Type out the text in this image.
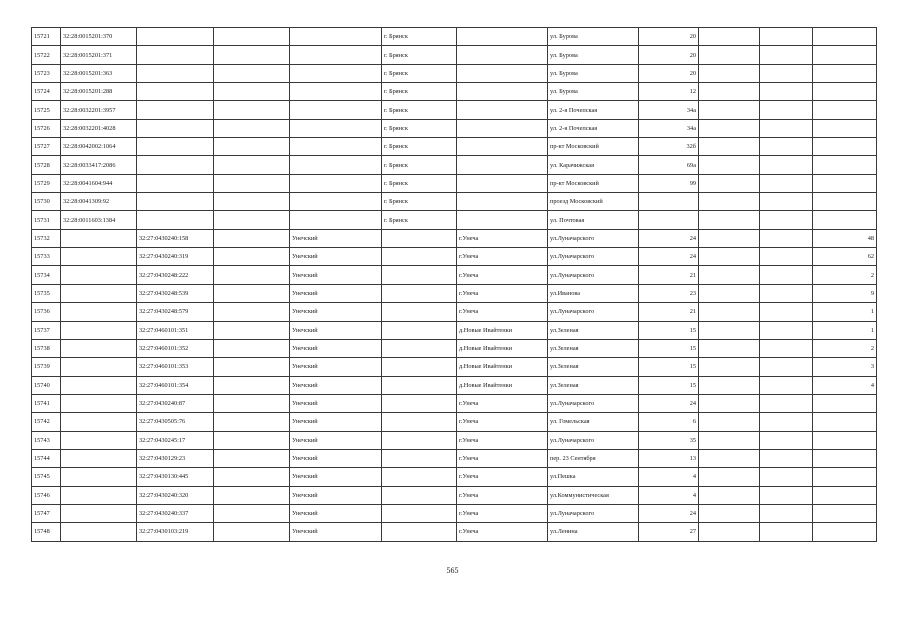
15721	32:28:0015201:370				г. Брянск		ул. Бурова	20			
15722	32:28:0015201:371				г. Брянск		ул. Бурова	20			
15723	32:28:0015201:363				г. Брянск		ул. Бурова	20			
15724	32:28:0015201:288				г. Брянск		ул. Бурова	12			
15725	32:28:0032201:3957				г. Брянск		ул. 2-я Почепская	34а			
15726	32:28:0032201:4028				г. Брянск		ул. 2-я Почепская	34а			
15727	32:28:0042002:1064				г. Брянск		пр-кт Московский	32б			
15728	32:28:0033417:2086				г. Брянск		ул. Карачижская	69а			
15729	32:28:0041604:944				г. Брянск		пр-кт Московский	99			
15730	32:28:0041309:92				г. Брянск		проезд Московский				
15731	32:28:0011603:1384				г. Брянск		ул. Почтовая				
15732		32:27:0430240:158		Унечский		г.Унеча	ул.Луначарского	24			48
15733		32:27:0430240:319		Унечский		г.Унеча	ул.Луначарского	24			62
15734		32:27:0430248:222		Унечский		г.Унеча	ул.Луначарского	21			2
15735		32:27:0430248:539		Унечский		г.Унеча	ул.Иванова	23			9
15736		32:27:0430248:579		Унечский		г.Унеча	ул.Луначарского	21			1
15737		32:27:0460101:351		Унечский		д.Новые Ивайтенки	ул.Зеленая	15			1
15738		32:27:0460101:352		Унечский		д.Новые Ивайтенки	ул.Зеленая	15			2
15739		32:27:0460101:353		Унечский		д.Новые Ивайтенки	ул.Зеленая	15			3
15740		32:27:0460101:354		Унечский		д.Новые Ивайтенки	ул.Зеленая	15			4
15741		32:27:0430240:87		Унечский		г.Унеча	ул.Луначарского	24			
15742		32:27:0430505:76		Унечский		г.Унеча	ул. Гомельская	6			
15743		32:27:0430245:17		Унечский		г.Унеча	ул.Луначарского	35			
15744		32:27:0430129:23		Унечский		г.Унеча	пер. 23 Сентября	13			
15745		32:27:0430130:445		Унечский		г.Унеча	ул.Пешка	4			
15746		32:27:0430240:320		Унечский		г.Унеча	ул.Коммунистическая	4			
15747		32:27:0430240:337		Унечский		г.Унеча	ул.Луначарского	24			
15748		32:27:0430103:219		Унечский		г.Унеча	ул.Ленина	27			
565
